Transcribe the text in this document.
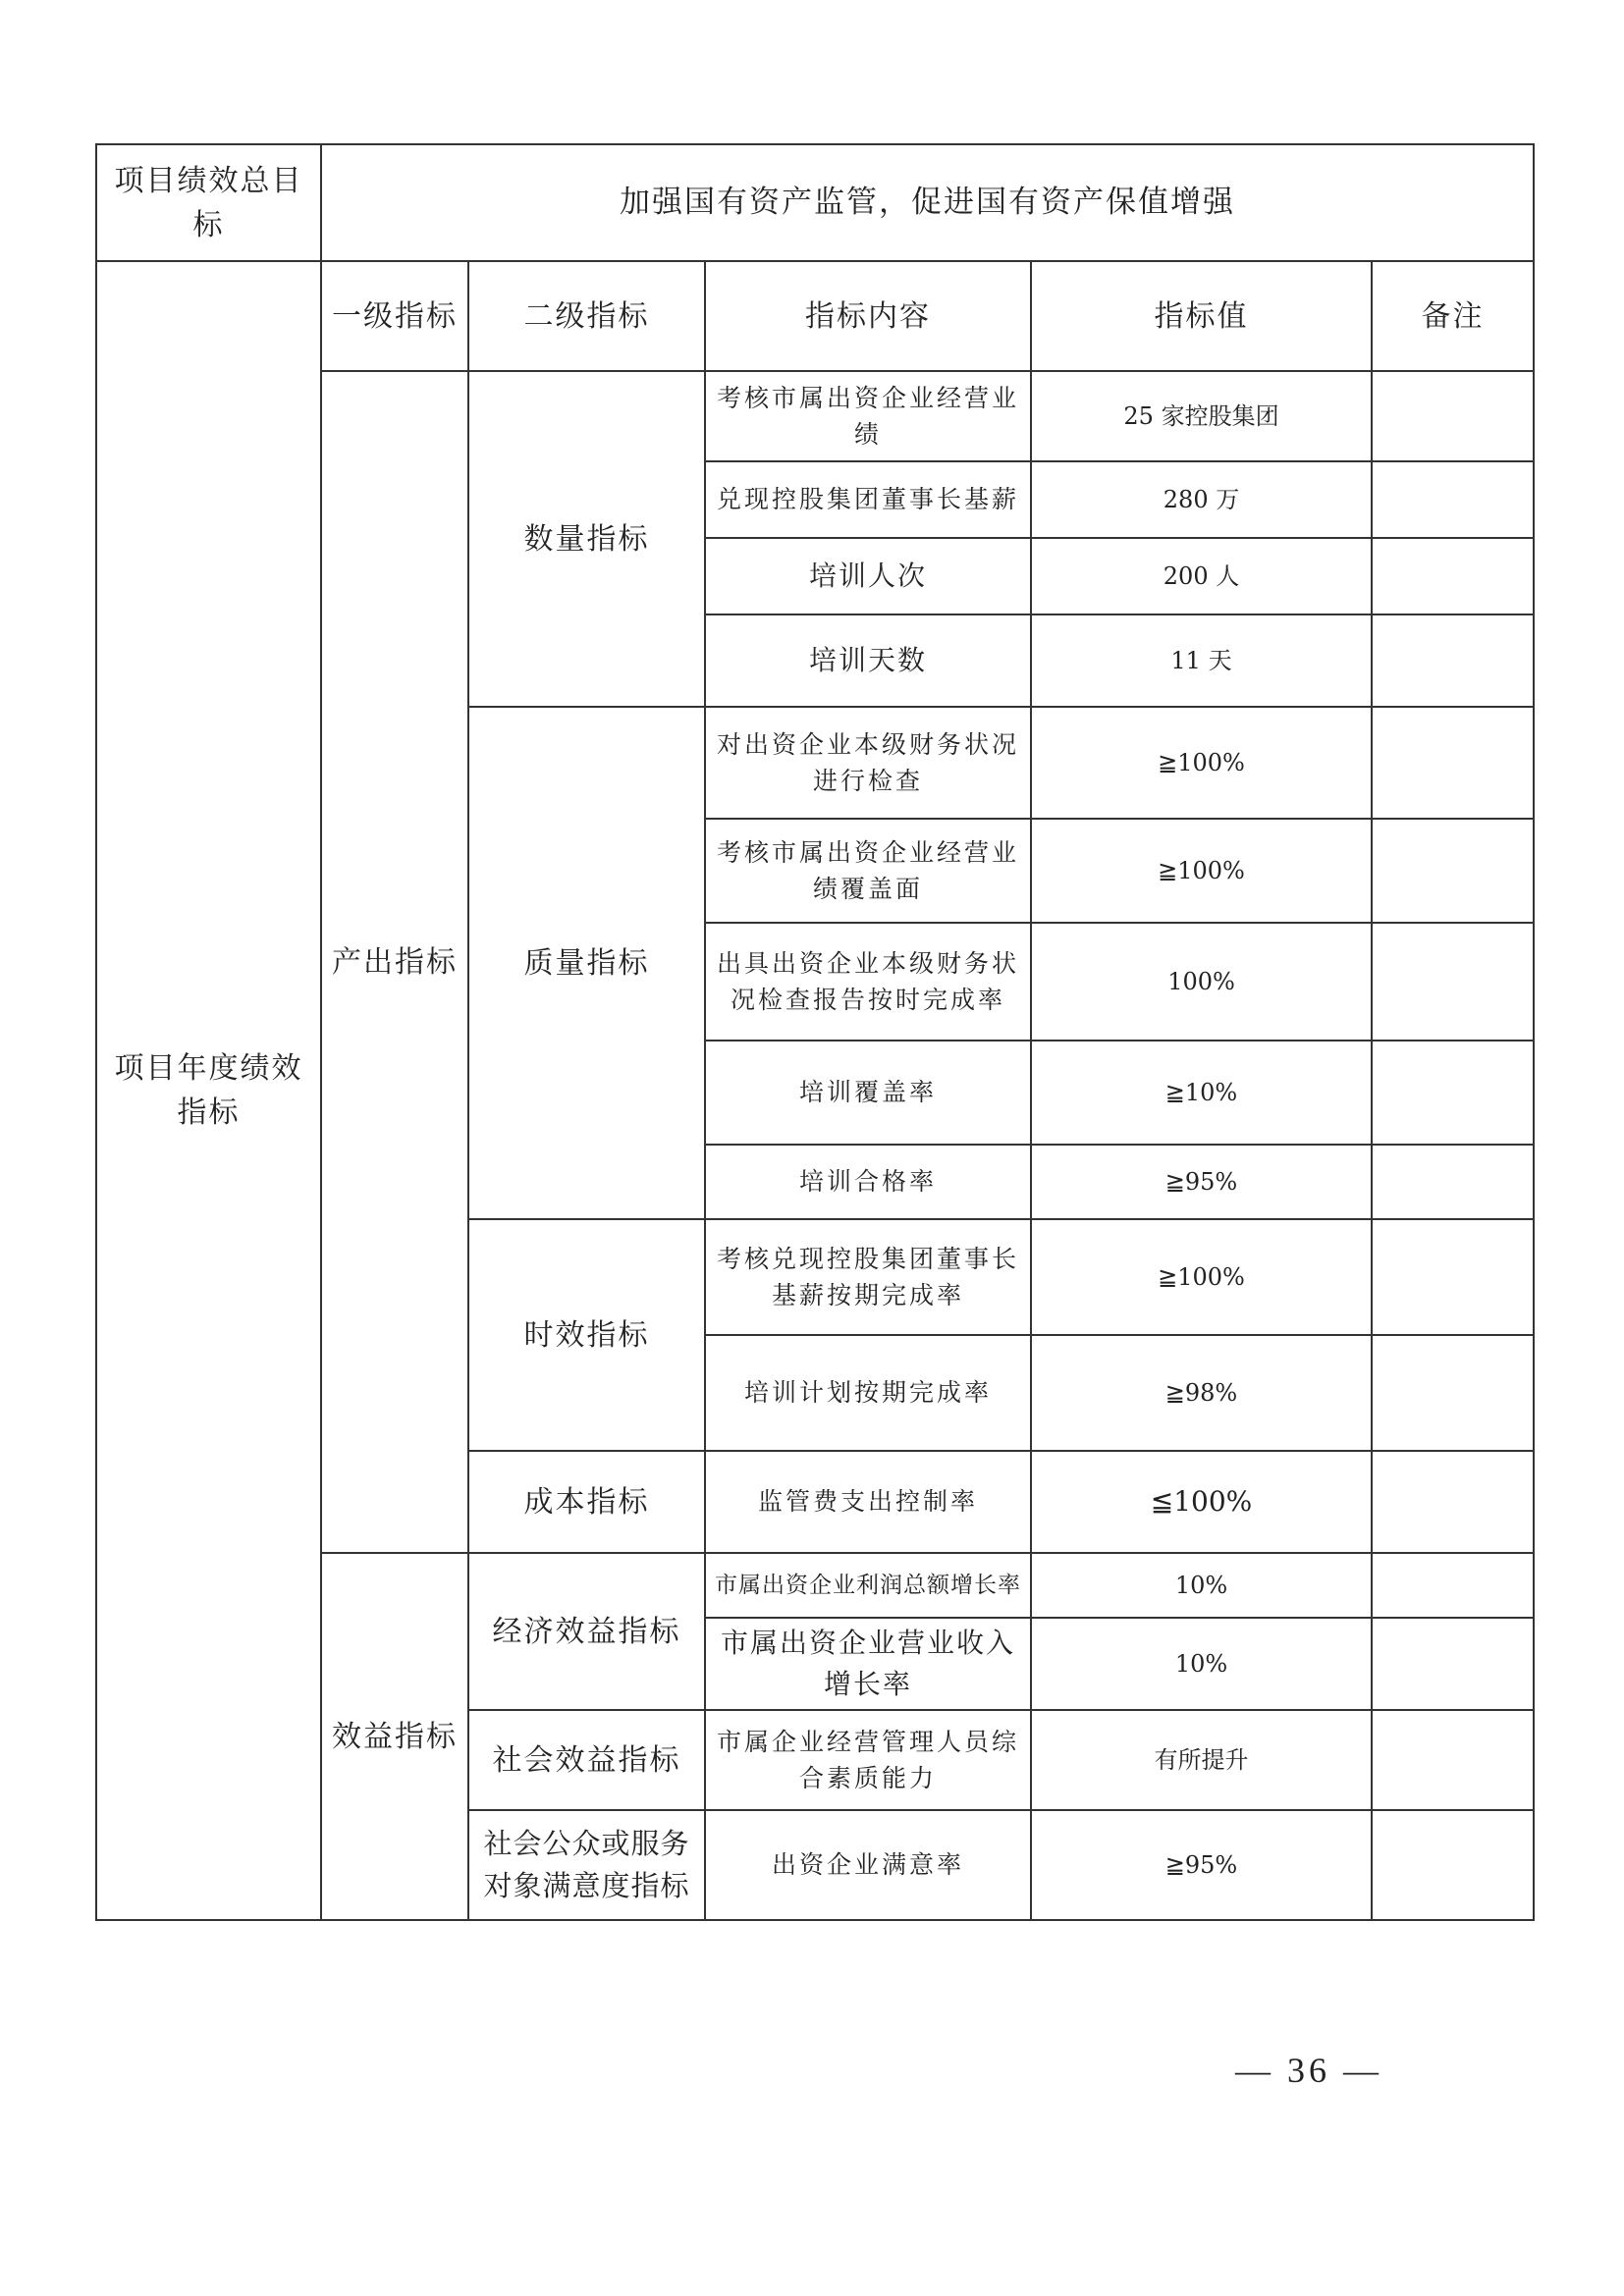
项目绩效总目标	加强国有资产监管，促进国有资产保值增强				
项目年度绩效指标	一级指标	二级指标	指标内容	指标值	备注
	产出指标	数量指标	考核市属出资企业经营业绩	25 家控股集团	
			兑现控股集团董事长基薪	280 万	
			培训人次	200 人	
			培训天数	11 天	
		质量指标	对出资企业本级财务状况进行检查	≧100%	
			考核市属出资企业经营业绩覆盖面	≧100%	
			出具出资企业本级财务状况检查报告按时完成率	100%	
			培训覆盖率	≧10%	
			培训合格率	≧95%	
		时效指标	考核兑现控股集团董事长基薪按期完成率	≧100%	
			培训计划按期完成率	≧98%	
		成本指标	监管费支出控制率	≦100%	
	效益指标	经济效益指标	市属出资企业利润总额增长率	10%	
			市属出资企业营业收入增长率	10%	
		社会效益指标	市属企业经营管理人员综合素质能力	有所提升	
		社会公众或服务对象满意度指标	出资企业满意率	≧95%	
— 36 —
